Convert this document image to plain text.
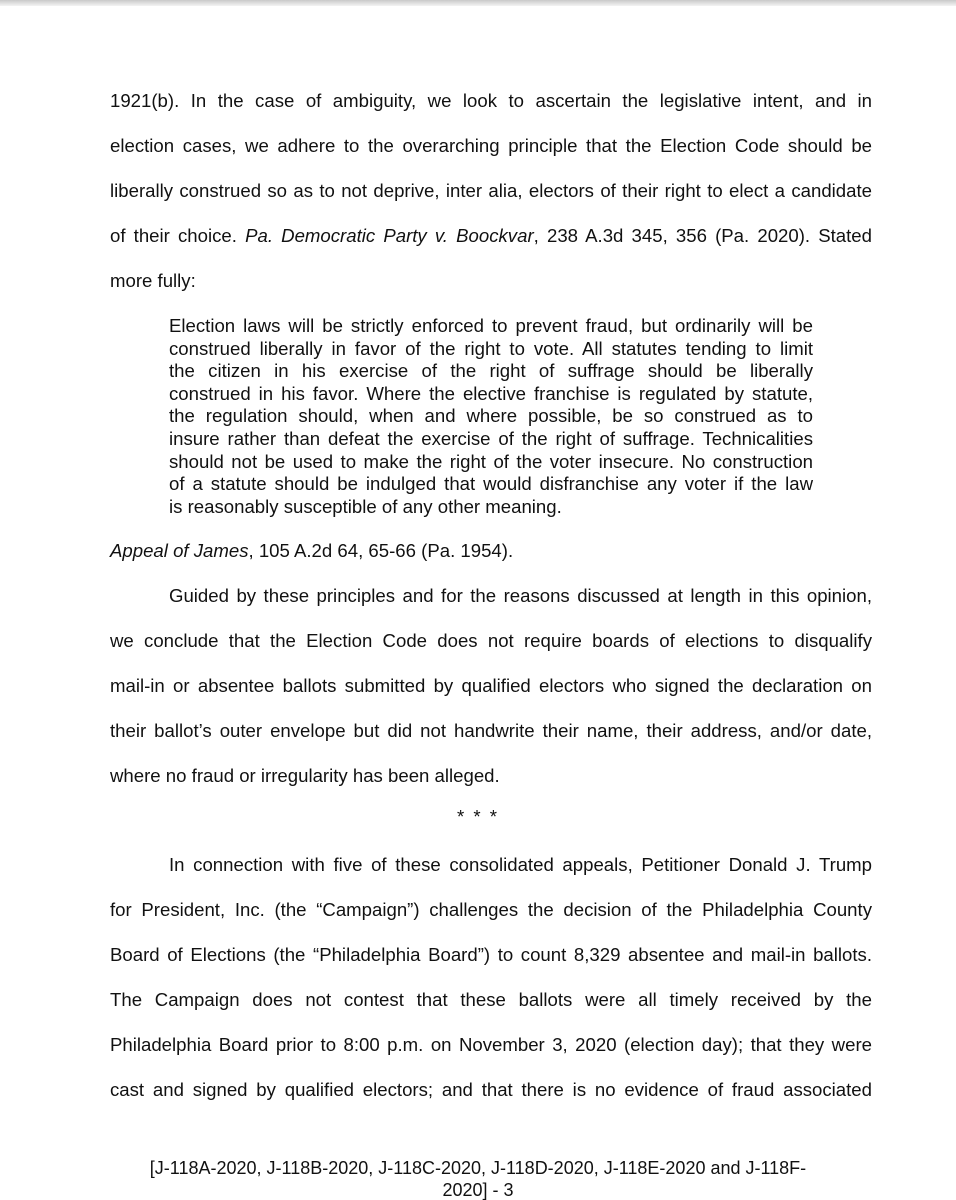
1921(b). In the case of ambiguity, we look to ascertain the legislative intent, and in
election cases, we adhere to the overarching principle that the Election Code should be
liberally construed so as to not deprive, inter alia, electors of their right to elect a candidate
of their choice. Pa. Democratic Party v. Boockvar, 238 A.3d 345, 356 (Pa. 2020). Stated
more fully:
Election laws will be strictly enforced to prevent fraud, but ordinarily will be
construed liberally in favor of the right to vote. All statutes tending to limit
the citizen in his exercise of the right of suffrage should be liberally
construed in his favor. Where the elective franchise is regulated by statute,
the regulation should, when and where possible, be so construed as to
insure rather than defeat the exercise of the right of suffrage. Technicalities
should not be used to make the right of the voter insecure. No construction
of a statute should be indulged that would disfranchise any voter if the law
is reasonably susceptible of any other meaning.
Appeal of James, 105 A.2d 64, 65-66 (Pa. 1954).
Guided by these principles and for the reasons discussed at length in this opinion,
we conclude that the Election Code does not require boards of elections to disqualify
mail-in or absentee ballots submitted by qualified electors who signed the declaration on
their ballot’s outer envelope but did not handwrite their name, their address, and/or date,
where no fraud or irregularity has been alleged.
* * *
In connection with five of these consolidated appeals, Petitioner Donald J. Trump
for President, Inc. (the “Campaign”) challenges the decision of the Philadelphia County
Board of Elections (the “Philadelphia Board”) to count 8,329 absentee and mail-in ballots.
The Campaign does not contest that these ballots were all timely received by the
Philadelphia Board prior to 8:00 p.m. on November 3, 2020 (election day); that they were
cast and signed by qualified electors; and that there is no evidence of fraud associated
[J-118A-2020, J-118B-2020, J-118C-2020, J-118D-2020, J-118E-2020 and J-118F-
2020] - 3
